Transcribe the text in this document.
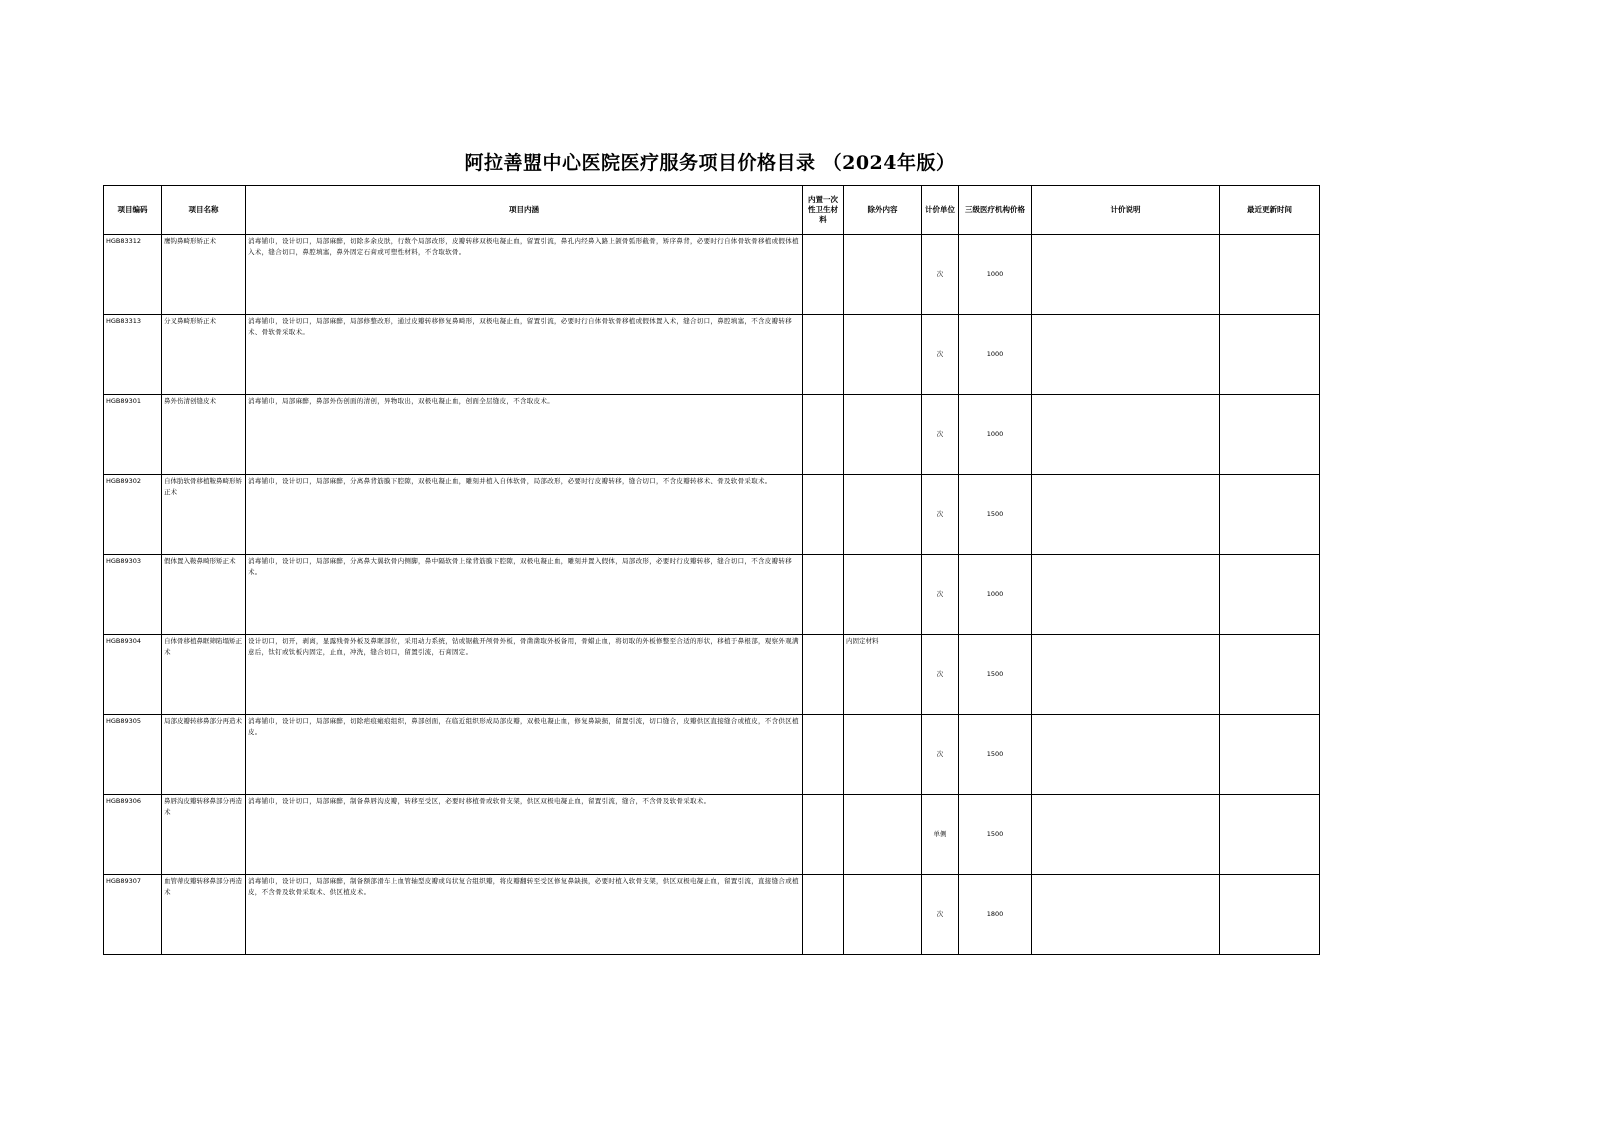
阿拉善盟中心医院医疗服务项目价格目录 （2024年版）
项目编码	项目名称	项目内涵	内置一次性卫生材料	除外内容	计价单位	三级医疗机构价格	计价说明	最近更新时间
HGB83312	鹰钩鼻畸形矫正术	消毒铺巾，设计切口，局部麻醉，切除多余皮肤，行数个局部改形，皮瓣转移双极电凝止血，留置引流，鼻孔内经鼻入路上颌骨弧形截骨，矫序鼻背，必要时行自体骨软骨移植或假体植入术，缝合切口，鼻腔填塞，鼻外固定石膏或可塑性材料，不含取软骨。			次	1000		
HGB83313	分叉鼻畸形矫正术	消毒铺巾，设计切口，局部麻醉，局部修整改形，通过皮瓣转移修复鼻畸形，双极电凝止血，留置引流，必要时行自体骨软骨移植或假体置入术，缝合切口，鼻腔填塞，不含皮瓣转移术、骨软骨采取术。			次	1000		
HGB89301	鼻外伤清创缝皮术	消毒铺巾，局部麻醉，鼻部外伤创面的清创，异物取出，双极电凝止血，创面全层缝皮，不含取皮术。			次	1000		
HGB89302	自体肋软骨移植鞍鼻畸形矫正术	消毒铺巾，设计切口，局部麻醉，分离鼻背筋膜下腔隙，双极电凝止血，雕刻并植入自体软骨，局部改形，必要时行皮瓣转移，缝合切口，不含皮瓣转移术、骨及软骨采取术。			次	1500		
HGB89303	假体置入鞍鼻畸形矫正术	消毒铺巾，设计切口，局部麻醉，分离鼻大翼软骨内侧脚，鼻中隔软骨上缘背筋膜下腔隙，双极电凝止血，雕刻并置入假体，局部改形，必要时行皮瓣转移，缝合切口，不含皮瓣转移术。			次	1000		
HGB89304	自体骨移植鼻眶筛陷塌矫正术	设计切口，切开，剥离，显露残骨外板及鼻眶部位，采用动力系统，钻或锯截开颅骨外板，骨凿凿取外板备用，骨蜡止血，将切取的外板修整至合适的形状，移植于鼻根部，观察外观满意后，钛钉或钛板内固定，止血，冲洗，缝合切口，留置引流，石膏固定。		内固定材料	次	1500		
HGB89305	局部皮瓣转移鼻部分再造术	消毒铺巾，设计切口，局部麻醉，切除疤痕瘢痕组织，鼻部创面，在临近组织形成局部皮瓣，双极电凝止血，修复鼻缺损，留置引流，切口缝合，皮瓣供区直接缝合或植皮，不含供区植皮。			次	1500		
HGB89306	鼻唇沟皮瓣转移鼻部分再造术	消毒铺巾，设计切口，局部麻醉，制备鼻唇沟皮瓣，转移至受区，必要时移植骨或软骨支架，供区双极电凝止血，留置引流，缝合，不含骨及软骨采取术。			单侧	1500		
HGB89307	血管蒂皮瓣转移鼻部分再造术	消毒铺巾，设计切口，局部麻醉，制备额部滑车上血管轴型皮瓣或岛状复合组织瓣，将皮瓣翻转至受区修复鼻缺损，必要时植入软骨支架，供区双极电凝止血，留置引流，直接缝合或植皮，不含骨及软骨采取术、供区植皮术。			次	1800		
